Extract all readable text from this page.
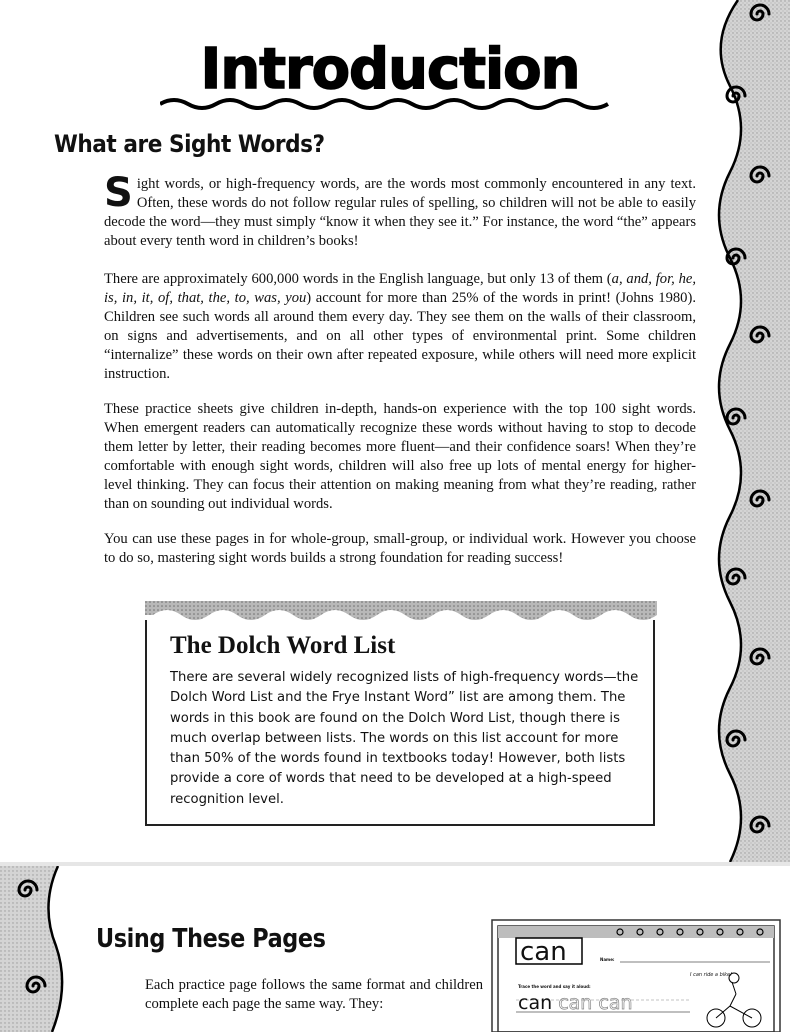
Introduction
What are Sight Words?

Sight words, or high-frequency words, are the words most commonly encountered in any text. Often, these words do not follow regular rules of spelling, so children will not be able to easily decode the word—they must simply “know it when they see it.” For instance, the word “the” appears about every tenth word in children’s books!

There are approximately 600,000 words in the English language, but only 13 of them (a, and, for, he, is, in, it, of, that, the, to, was, you) account for more than 25% of the words in print! (Johns 1980). Children see such words all around them every day. They see them on the walls of their classroom, on signs and advertisements, and on all other types of environmental print. Some children “internalize” these words on their own after repeated exposure, while others will need more explicit instruction.

These practice sheets give children in-depth, hands-on experience with the top 100 sight words. When emergent readers can automatically recognize these words without having to stop to decode them letter by letter, their reading becomes more fluent—and their confidence soars! When they’re comfortable with enough sight words, children will also free up lots of mental energy for higher-level thinking. They can focus their attention on making meaning from what they’re reading, rather than on sounding out individual words.

You can use these pages in for whole-group, small-group, or individual work. However you choose to do so, mastering sight words builds a strong foundation for reading success!

The Dolch Word List

There are several widely recognized lists of high-frequency words—the Dolch Word List and the Frye Instant Word” list are among them. The words in this book are found on the Dolch Word List, though there is much overlap between lists. The words on this list account for more than 50% of the words found in textbooks today! However, both lists provide a core of words that need to be developed at a high-speed recognition level.

Using These Pages

Each practice page follows the same format and children complete each page the same way. They:

can	Name:
I can ride a bike!
Trace the word and say it aloud:
can can can
